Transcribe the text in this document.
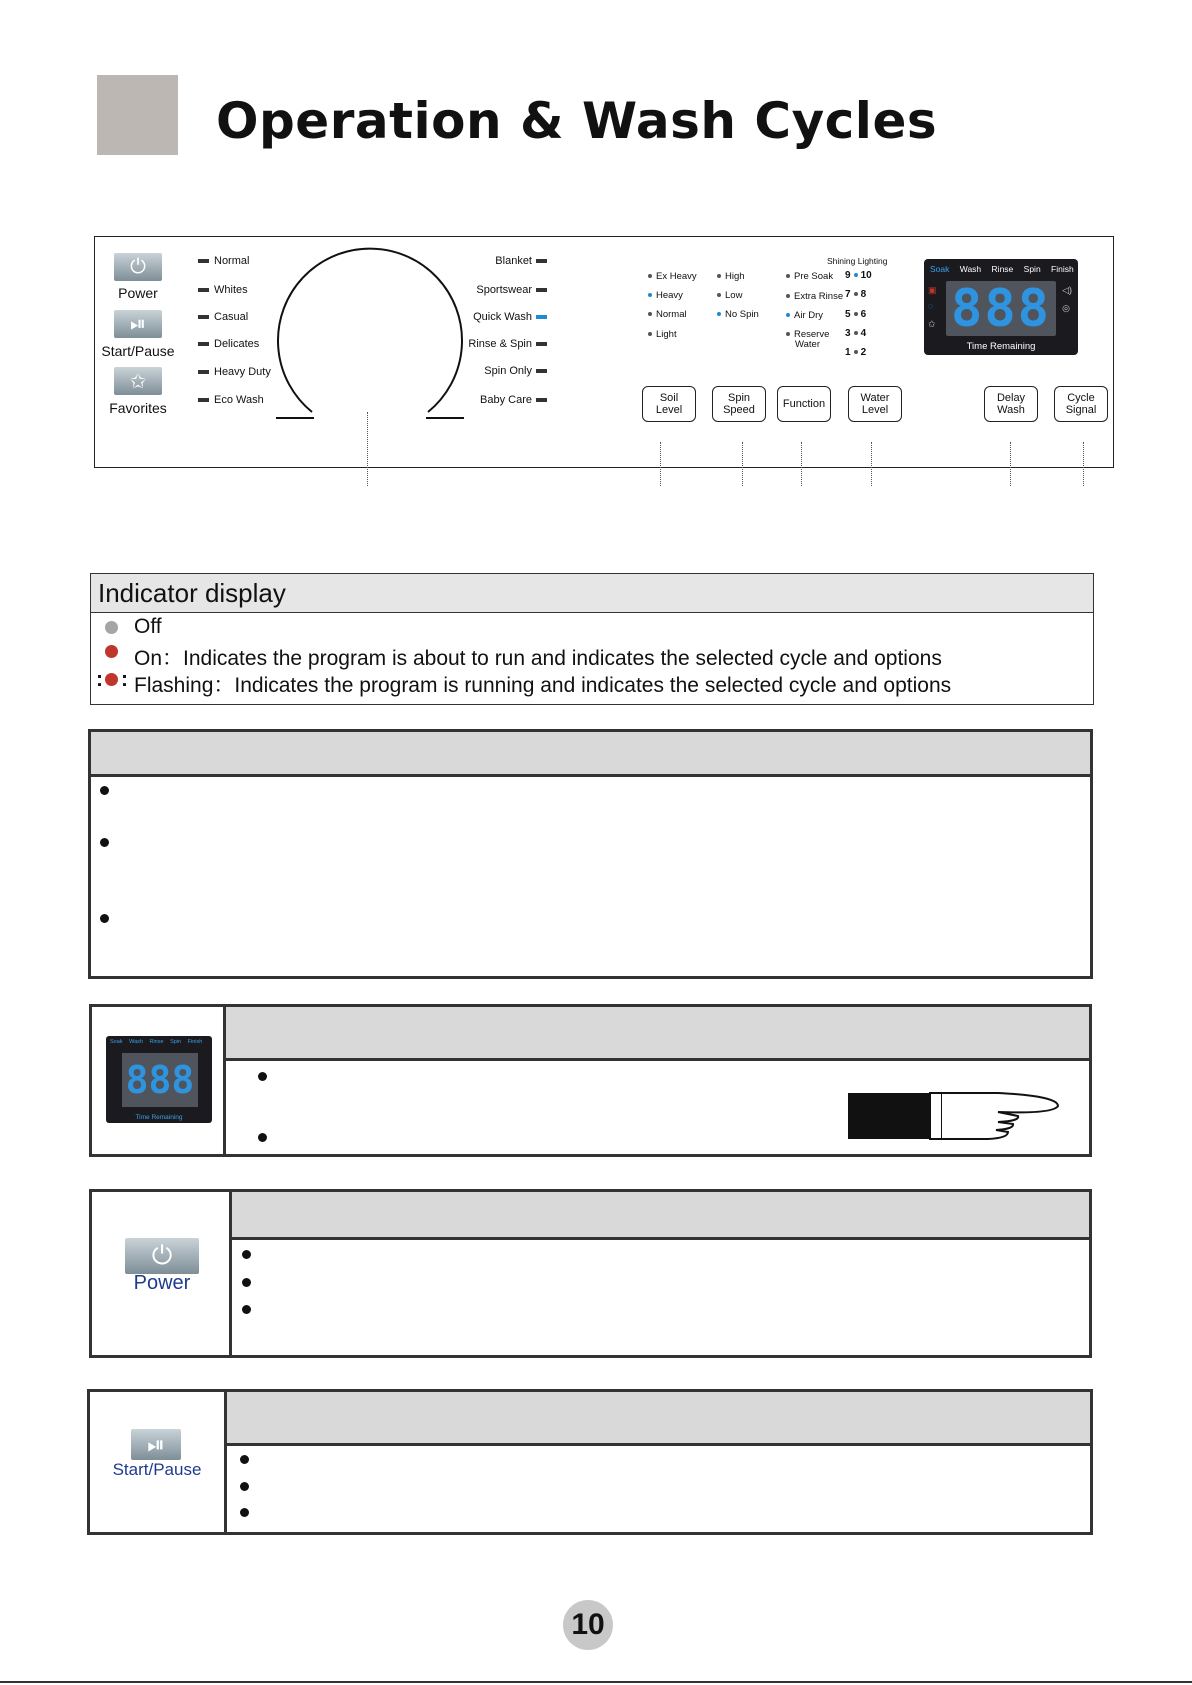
Operation & Wash Cycles
⏻
Power
⏯
Start/Pause
✩
Favorites
Normal
Whites
Casual
Delicates
Heavy Duty
Eco Wash
Blanket
Sportswear
Quick Wash
Rinse & Spin
Spin Only
Baby Care
Ex Heavy
Heavy
Normal
Light
High
Low
No Spin
Pre Soak
Extra Rinse
Air Dry
Reserve
Water
Shining Lighting
9 10
7 8
5 6
3 4
1 2
Soil
Level
Spin
Speed	Function	Water
Level
Delay
Wash
Cycle
Signal
Soak Wash Rinse Spin Finish
▣
◌
✩
◁)
◎
888
Time Remaining
Indicator display
Off
On：Indicates the program is about to run and indicates the selected cycle and options
: : Flashing：Indicates the program is running and indicates the selected cycle and options
Soak Wash Rinse Spin Finish
888
Time Remaining
⏻
Power
⏯
Start/Pause
10
